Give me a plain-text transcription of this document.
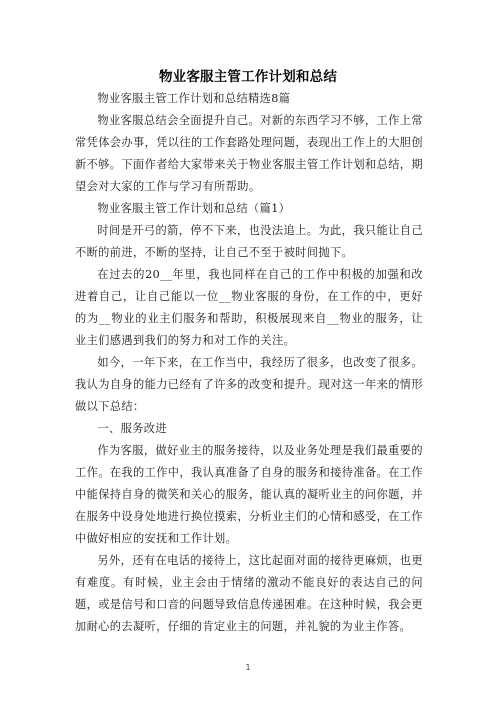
物业客服主管工作计划和总结

物业客服主管工作计划和总结精选8篇

物业客服总结会全面提升自己。对新的东西学习不够，工作上常常凭体会办事，凭以往的工作套路处理问题，表现出工作上的大胆创新不够。下面作者给大家带来关于物业客服主管工作计划和总结，期望会对大家的工作与学习有所帮助。

物业客服主管工作计划和总结（篇1）

时间是开弓的箭，停不下来，也没法追上。为此，我只能让自己不断的前进，不断的坚持，让自己不至于被时间抛下。

在过去的20__年里，我也同样在自己的工作中积极的加强和改进着自己，让自己能以一位__物业客服的身份，在工作的中，更好的为__物业的业主们服务和帮助，积极展现来自__物业的服务，让业主们感遇到我们的努力和对工作的关注。

如今，一年下来，在工作当中，我经历了很多，也改变了很多。我认为自身的能力已经有了许多的改变和提升。现对这一年来的情形做以下总结：

一、服务改进

作为客服，做好业主的服务接待，以及业务处理是我们最重要的工作。在我的工作中，我认真准备了自身的服务和接待准备。在工作中能保持自身的微笑和关心的服务，能认真的凝听业主的问你题，并在服务中设身处地进行换位摸索，分析业主们的心情和感受，在工作中做好相应的安抚和工作计划。

另外，还有在电话的接待上，这比起面对面的接待更麻烦，也更有难度。有时候，业主会由于情绪的激动不能良好的表达自己的问题，或是信号和口音的问题导致信息传递困难。在这种时候，我会更加耐心的去凝听，仔细的肯定业主的问题，并礼貌的为业主作答。

1
